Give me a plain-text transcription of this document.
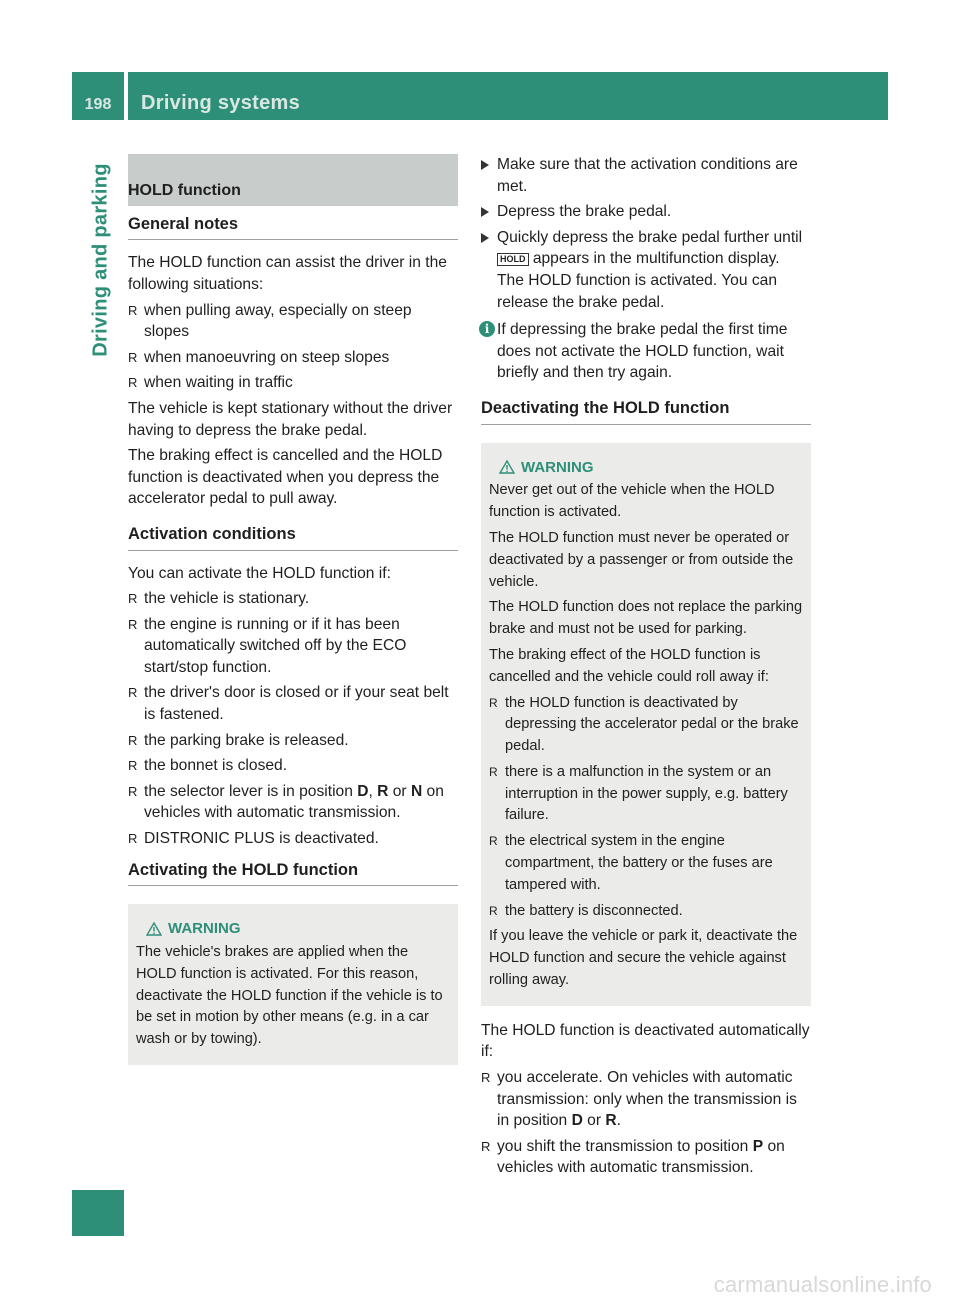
198	Driving systems
Driving and parking HOLD function
General notes

The HOLD function can assist the driver in the following situations:

R when pulling away, especially on steep slopes
R when manoeuvring on steep slopes
R when waiting in traffic

The vehicle is kept stationary without the driver having to depress the brake pedal.

The braking effect is cancelled and the HOLD function is deactivated when you depress the accelerator pedal to pull away.

Activation conditions

You can activate the HOLD function if:

R the vehicle is stationary.
R the engine is running or if it has been automatically switched off by the ECO start/stop function.
R the driver's door is closed or if your seat belt is fastened.
R the parking brake is released.
R the bonnet is closed.
R the selector lever is in position D, R or N on vehicles with automatic transmission.
R DISTRONIC PLUS is deactivated.
Activating the HOLD function
WARNING

The vehicle's brakes are applied when the HOLD function is activated. For this reason, deactivate the HOLD function if the vehicle is to be set in motion by other means (e.g. in a car wash or by towing).

Make sure that the activation conditions are met.
Depress the brake pedal.
Quickly depress the brake pedal further until HOLD appears in the multifunction display.
The HOLD function is activated. You can release the brake pedal.
i If depressing the brake pedal the first time does not activate the HOLD function, wait briefly and then try again.
Deactivating the HOLD function
WARNING

Never get out of the vehicle when the HOLD function is activated.

The HOLD function must never be operated or deactivated by a passenger or from outside the vehicle.

The HOLD function does not replace the parking brake and must not be used for parking.

The braking effect of the HOLD function is cancelled and the vehicle could roll away if:

R the HOLD function is deactivated by depressing the accelerator pedal or the brake pedal.
R there is a malfunction in the system or an interruption in the power supply, e.g. battery failure.
R the electrical system in the engine compartment, the battery or the fuses are tampered with.
R the battery is disconnected.

If you leave the vehicle or park it, deactivate the HOLD function and secure the vehicle against rolling away.

The HOLD function is deactivated automatically if:

R you accelerate. On vehicles with automatic transmission: only when the transmission is in position D or R.
R you shift the transmission to position P on vehicles with automatic transmission.
carmanualsonline.info
